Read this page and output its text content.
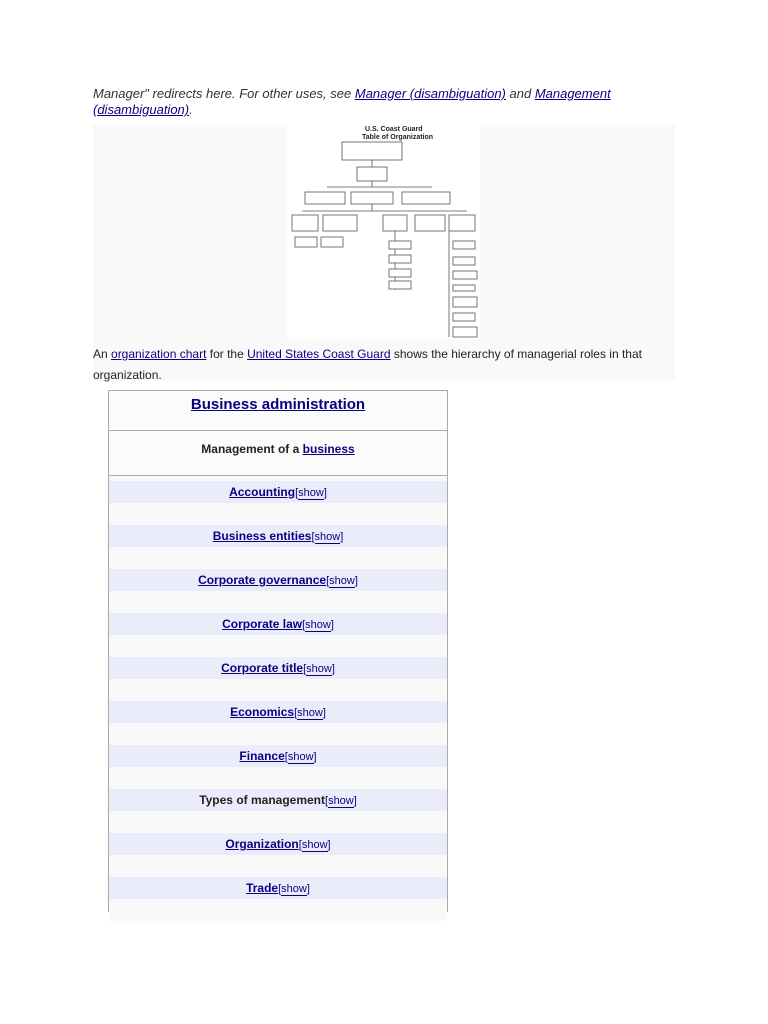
Manager" redirects here. For other uses, see Manager (disambiguation) and Management (disambiguation).
U.S. Coast Guard
Table of Organization
An organization chart for the United States Coast Guard shows the hierarchy of managerial roles in that organization.
Business administration
Management of a business
Accounting[show]
Business entities[show]
Corporate governance[show]
Corporate law[show]
Corporate title[show]
Economics[show]
Finance[show]
Types of management[show]
Organization[show]
Trade[show]
